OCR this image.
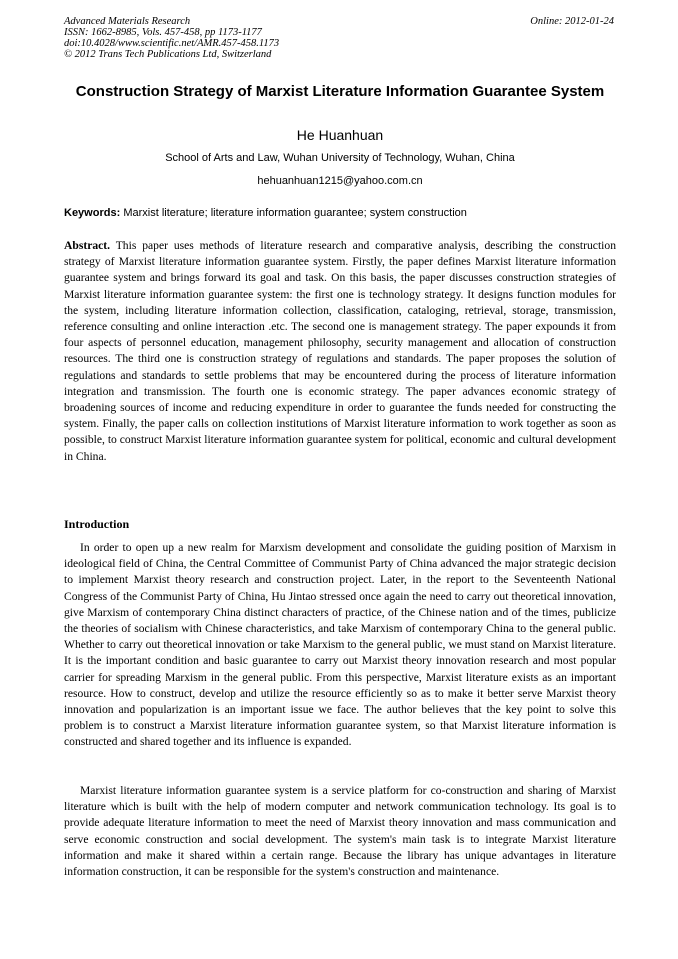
Advanced Materials Research
ISSN: 1662-8985, Vols. 457-458, pp 1173-1177
doi:10.4028/www.scientific.net/AMR.457-458.1173
© 2012 Trans Tech Publications Ltd, Switzerland
Online: 2012-01-24
Construction Strategy of Marxist Literature Information Guarantee System
He Huanhuan
School of Arts and Law, Wuhan University of Technology, Wuhan, China
hehuanhuan1215@yahoo.com.cn
Keywords: Marxist literature; literature information guarantee; system construction

Abstract. This paper uses methods of literature research and comparative analysis, describing the construction strategy of Marxist literature information guarantee system. Firstly, the paper defines Marxist literature information guarantee system and brings forward its goal and task. On this basis, the paper discusses construction strategies of Marxist literature information guarantee system: the first one is technology strategy. It designs function modules for the system, including literature information collection, classification, cataloging, retrieval, storage, transmission, reference consulting and online interaction .etc. The second one is management strategy. The paper expounds it from four aspects of personnel education, management philosophy, security management and allocation of construction resources. The third one is construction strategy of regulations and standards. The paper proposes the solution of regulations and standards to settle problems that may be encountered during the process of literature information integration and transmission. The fourth one is economic strategy. The paper advances economic strategy of broadening sources of income and reducing expenditure in order to guarantee the funds needed for constructing the system. Finally, the paper calls on collection institutions of Marxist literature information to work together as soon as possible, to construct Marxist literature information guarantee system for political, economic and cultural development in China.

Introduction

In order to open up a new realm for Marxism development and consolidate the guiding position of Marxism in ideological field of China, the Central Committee of Communist Party of China advanced the major strategic decision to implement Marxist theory research and construction project. Later, in the report to the Seventeenth National Congress of the Communist Party of China, Hu Jintao stressed once again the need to carry out theoretical innovation, give Marxism of contemporary China distinct characters of practice, of the Chinese nation and of the times, publicize the theories of socialism with Chinese characteristics, and take Marxism of contemporary China to the general public. Whether to carry out theoretical innovation or take Marxism to the general public, we must stand on Marxist literature. It is the important condition and basic guarantee to carry out Marxist theory innovation research and most popular carrier for spreading Marxism in the general public. From this perspective, Marxist literature exists as an important resource. How to construct, develop and utilize the resource efficiently so as to make it better serve Marxist theory innovation and popularization is an important issue we face. The author believes that the key point to solve this problem is to construct a Marxist literature information guarantee system, so that Marxist literature information is constructed and shared together and its influence is expanded.

Marxist literature information guarantee system is a service platform for co-construction and sharing of Marxist literature which is built with the help of modern computer and network communication technology. Its goal is to provide adequate literature information to meet the need of Marxist theory innovation and mass communication and serve economic construction and social development. The system's main task is to integrate Marxist literature information and make it shared within a certain range. Because the library has unique advantages in literature information construction, it can be responsible for the system's construction and maintenance.
